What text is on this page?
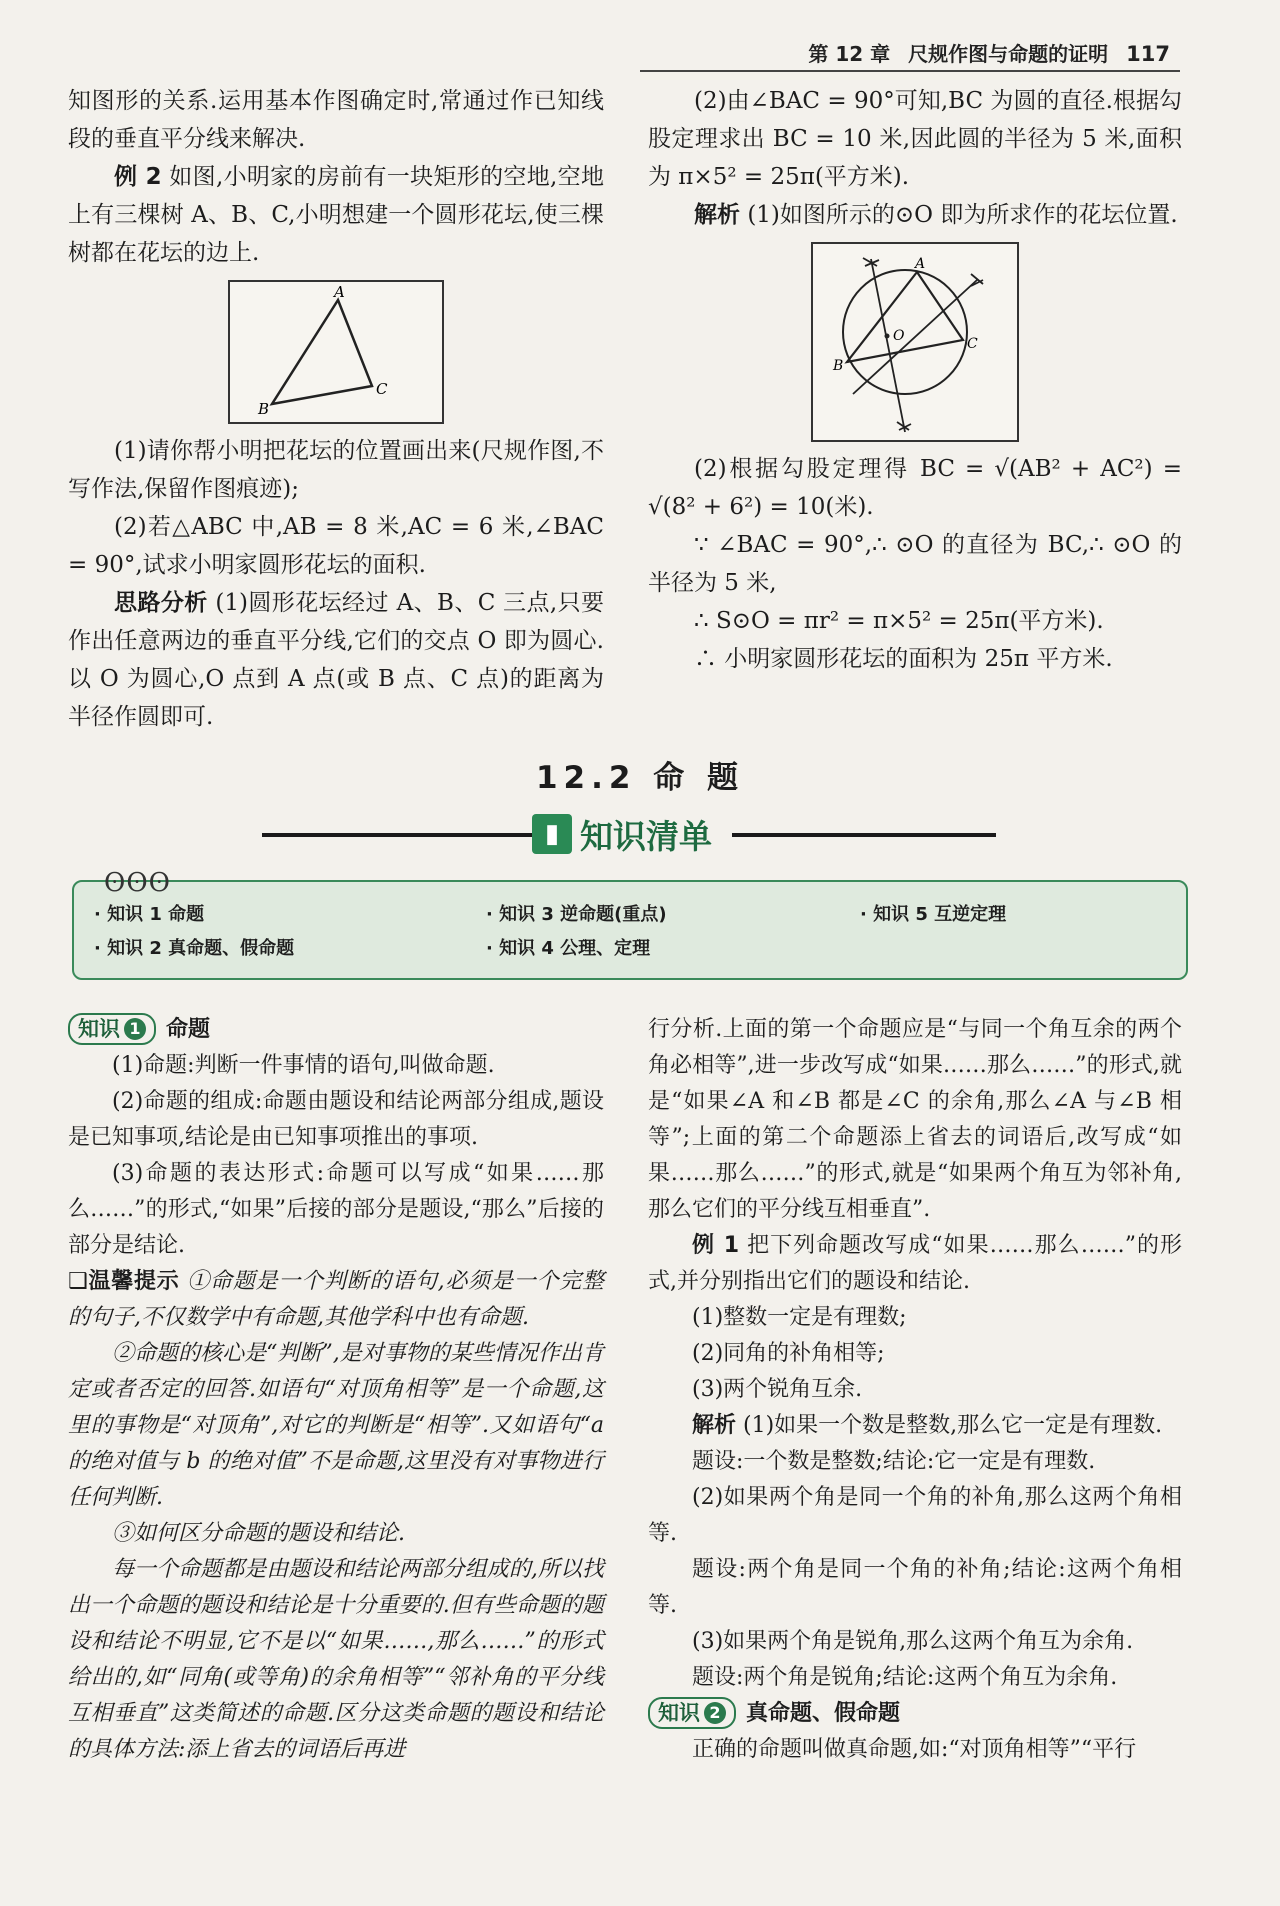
第 12 章 尺规作图与命题的证明 117

知图形的关系.运用基本作图确定时,常通过作已知线段的垂直平分线来解决.

例 2 如图,小明家的房前有一块矩形的空地,空地上有三棵树 A、B、C,小明想建一个圆形花坛,使三棵树都在花坛的边上.

A
B
C

(1)请你帮小明把花坛的位置画出来(尺规作图,不写作法,保留作图痕迹);

(2)若△ABC 中,AB = 8 米,AC = 6 米,∠BAC = 90°,试求小明家圆形花坛的面积.

思路分析 (1)圆形花坛经过 A、B、C 三点,只要作出任意两边的垂直平分线,它们的交点 O 即为圆心.以 O 为圆心,O 点到 A 点(或 B 点、C 点)的距离为半径作圆即可.

(2)由∠BAC = 90°可知,BC 为圆的直径.根据勾股定理求出 BC = 10 米,因此圆的半径为 5 米,面积为 π×5² = 25π(平方米).

解析 (1)如图所示的⊙O 即为所求作的花坛位置.

A
B
C
O

(2)根据勾股定理得 BC = √(AB² + AC²) = √(8² + 6²) = 10(米).

∵ ∠BAC = 90°,∴ ⊙O 的直径为 BC,∴ ⊙O 的半径为 5 米,

∴ S⊙O = πr² = π×5² = 25π(平方米).

∴ 小明家圆形花坛的面积为 25π 平方米.

12.2 命 题
▮ 知识清单
ʘʘʘ
· 知识 1 命题
· 知识 2 真命题、假命题
· 知识 3 逆命题(重点)
· 知识 4 公理、定理
· 知识 5 互逆定理

知识 1 命题

(1)命题:判断一件事情的语句,叫做命题.

(2)命题的组成:命题由题设和结论两部分组成,题设是已知事项,结论是由已知事项推出的事项.

(3)命题的表达形式:命题可以写成“如果……那么……”的形式,“如果”后接的部分是题设,“那么”后接的部分是结论.

❑温馨提示 ①命题是一个判断的语句,必须是一个完整的句子,不仅数学中有命题,其他学科中也有命题.

②命题的核心是“判断”,是对事物的某些情况作出肯定或者否定的回答.如语句“对顶角相等”是一个命题,这里的事物是“对顶角”,对它的判断是“相等”.又如语句“a 的绝对值与 b 的绝对值”不是命题,这里没有对事物进行任何判断.

③如何区分命题的题设和结论.

每一个命题都是由题设和结论两部分组成的,所以找出一个命题的题设和结论是十分重要的.但有些命题的题设和结论不明显,它不是以“如果……,那么……”的形式给出的,如“同角(或等角)的余角相等”“邻补角的平分线互相垂直”这类简述的命题.区分这类命题的题设和结论的具体方法:添上省去的词语后再进

行分析.上面的第一个命题应是“与同一个角互余的两个角必相等”,进一步改写成“如果……那么……”的形式,就是“如果∠A 和∠B 都是∠C 的余角,那么∠A 与∠B 相等”;上面的第二个命题添上省去的词语后,改写成“如果……那么……”的形式,就是“如果两个角互为邻补角,那么它们的平分线互相垂直”.

例 1 把下列命题改写成“如果……那么……”的形式,并分别指出它们的题设和结论.

(1)整数一定是有理数;

(2)同角的补角相等;

(3)两个锐角互余.

解析 (1)如果一个数是整数,那么它一定是有理数.

题设:一个数是整数;结论:它一定是有理数.

(2)如果两个角是同一个角的补角,那么这两个角相等.

题设:两个角是同一个角的补角;结论:这两个角相等.

(3)如果两个角是锐角,那么这两个角互为余角.

题设:两个角是锐角;结论:这两个角互为余角.

知识 2 真命题、假命题

正确的命题叫做真命题,如:“对顶角相等”“平行
